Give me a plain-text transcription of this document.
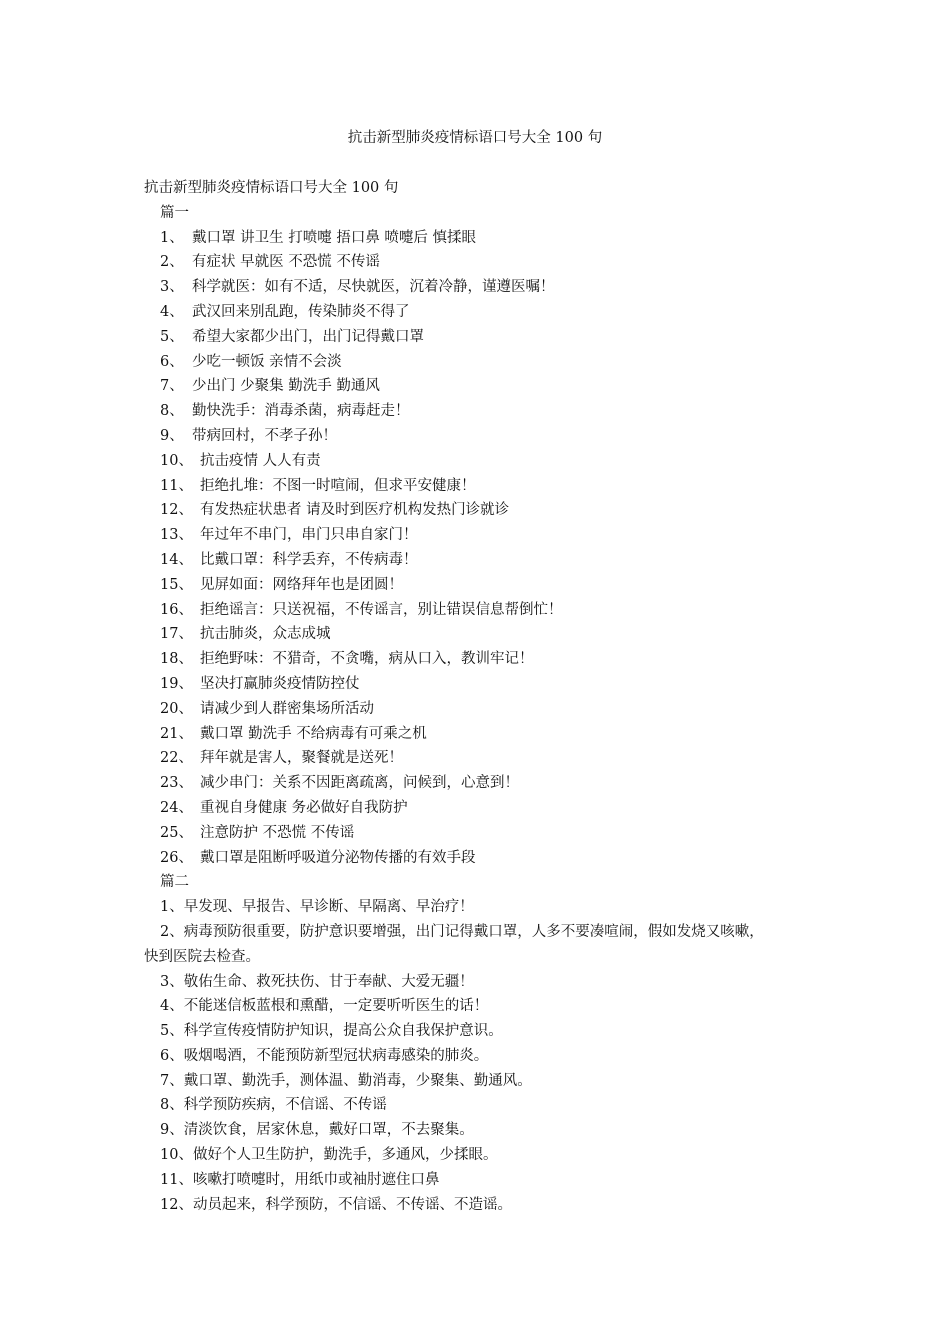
抗击新型肺炎疫情标语口号大全 100 句
抗击新型肺炎疫情标语口号大全 100 句
篇一
1、 戴口罩 讲卫生 打喷嚏 捂口鼻 喷嚏后 慎揉眼
2、 有症状 早就医 不恐慌 不传谣
3、 科学就医：如有不适，尽快就医，沉着冷静，谨遵医嘱！
4、 武汉回来别乱跑，传染肺炎不得了
5、 希望大家都少出门，出门记得戴口罩
6、 少吃一顿饭 亲情不会淡
7、 少出门 少聚集 勤洗手 勤通风
8、 勤快洗手：消毒杀菌，病毒赶走！
9、 带病回村，不孝子孙！
10、 抗击疫情 人人有责
11、 拒绝扎堆：不图一时喧闹，但求平安健康！
12、 有发热症状患者 请及时到医疗机构发热门诊就诊
13、 年过年不串门，串门只串自家门！
14、 比戴口罩：科学丢弃，不传病毒！
15、 见屏如面：网络拜年也是团圆！
16、 拒绝谣言：只送祝福，不传谣言，别让错误信息帮倒忙！
17、 抗击肺炎，众志成城
18、 拒绝野味：不猎奇，不贪嘴，病从口入，教训牢记！
19、 坚决打赢肺炎疫情防控仗
20、 请减少到人群密集场所活动
21、 戴口罩 勤洗手 不给病毒有可乘之机
22、 拜年就是害人，聚餐就是送死！
23、 减少串门：关系不因距离疏离，问候到，心意到！
24、 重视自身健康 务必做好自我防护
25、 注意防护 不恐慌 不传谣
26、 戴口罩是阻断呼吸道分泌物传播的有效手段
篇二
1、早发现、早报告、早诊断、早隔离、早治疗！
2、病毒预防很重要，防护意识要增强，出门记得戴口罩，人多不要凑喧闹，假如发烧又咳嗽，
快到医院去检查。
3、敬佑生命、救死扶伤、甘于奉献、大爱无疆！
4、不能迷信板蓝根和熏醋，一定要听听医生的话！
5、科学宣传疫情防护知识，提高公众自我保护意识。
6、吸烟喝酒，不能预防新型冠状病毒感染的肺炎。
7、戴口罩、勤洗手，测体温、勤消毒，少聚集、勤通风。
8、科学预防疾病，不信谣、不传谣
9、清淡饮食，居家休息，戴好口罩，不去聚集。
10、做好个人卫生防护，勤洗手，多通风，少揉眼。
11、咳嗽打喷嚏时，用纸巾或袖肘遮住口鼻
12、动员起来，科学预防，不信谣、不传谣、不造谣。
